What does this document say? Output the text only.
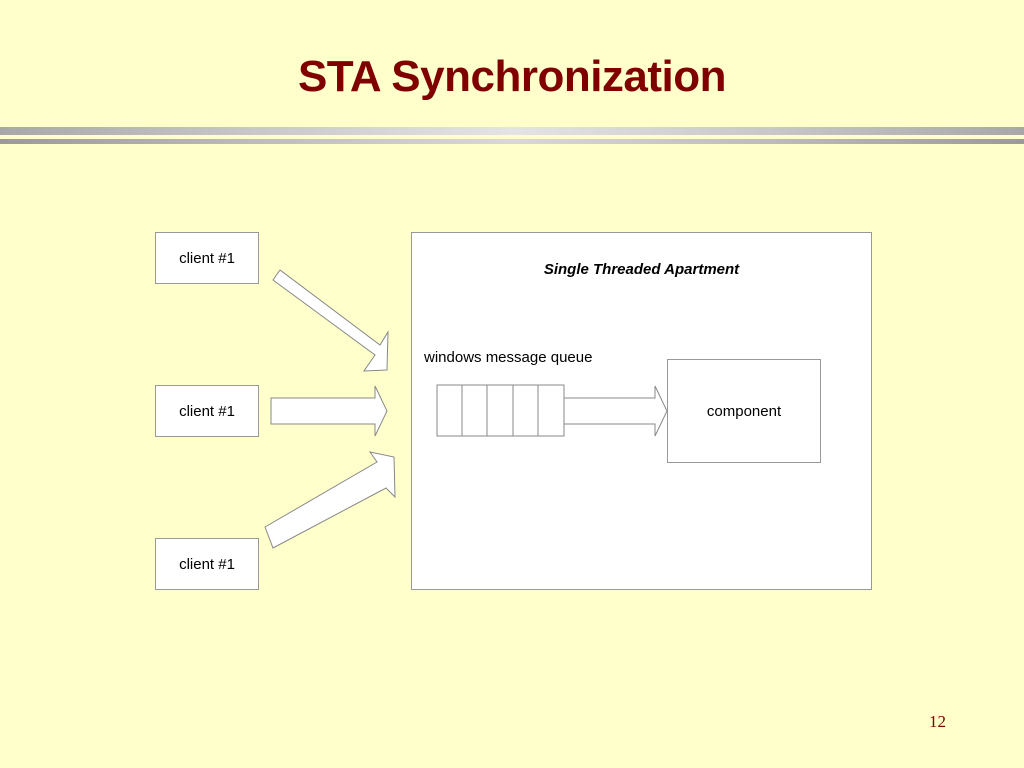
STA Synchronization
Single Threaded Apartment
windows message queue
client #1
client #1
client #1
component
12
